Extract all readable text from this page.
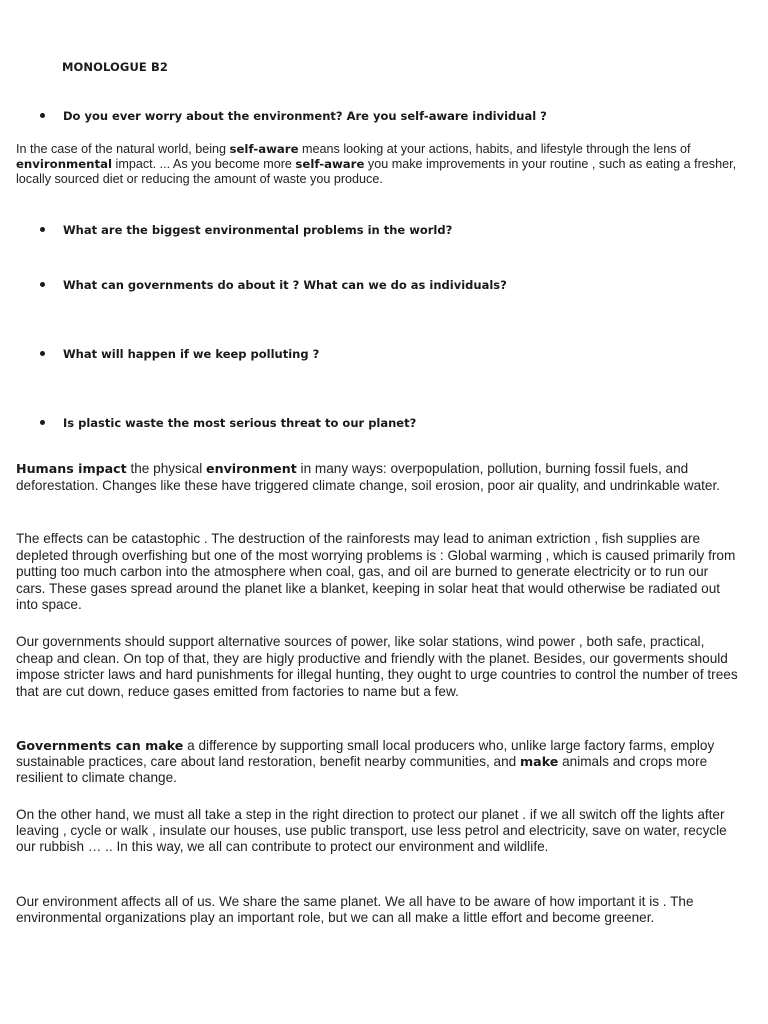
MONOLOGUE B2
Do you ever worry about the environment? Are you self-aware individual ?
In the case of the natural world, being self-aware means looking at your actions, habits, and lifestyle through the lens of environmental impact. ... As you become more self-aware you make improvements in your routine , such as eating a fresher, locally sourced diet or reducing the amount of waste you produce.
What are the biggest environmental problems in the world?
What can governments do about it ? What can we do as individuals?
What will happen if we keep polluting ?
Is plastic waste the most serious threat to our planet?
Humans impact the physical environment in many ways: overpopulation, pollution, burning fossil fuels, and deforestation. Changes like these have triggered climate change, soil erosion, poor air quality, and undrinkable water.
The effects can be catastophic . The destruction of the rainforests may lead to animan extriction , fish supplies are depleted through overfishing but one of the most worrying problems is : Global warming , which is caused primarily from putting too much carbon into the atmosphere when coal, gas, and oil are burned to generate electricity or to run our cars. These gases spread around the planet like a blanket, keeping in solar heat that would otherwise be radiated out into space.
Our governments should support alternative sources of power, like solar stations, wind power , both safe, practical, cheap and clean. On top of that, they are higly productive and friendly with the planet. Besides, our goverments should impose stricter laws and hard punishments for illegal hunting, they ought to urge countries to control the number of trees that are cut down, reduce gases emitted from factories to name but a few.
Governments can make a difference by supporting small local producers who, unlike large factory farms, employ sustainable practices, care about land restoration, benefit nearby communities, and make animals and crops more resilient to climate change.
On the other hand, we must all take a step in the right direction to protect our planet . if we all switch off the lights after leaving , cycle or walk , insulate our houses, use public transport, use less petrol and electricity, save on water, recycle our rubbish … .. In this way, we all can contribute to protect our environment and wildlife.
Our environment affects all of us. We share the same planet. We all have to be aware of how important it is . The environmental organizations play an important role, but we can all make a little effort and become greener.
